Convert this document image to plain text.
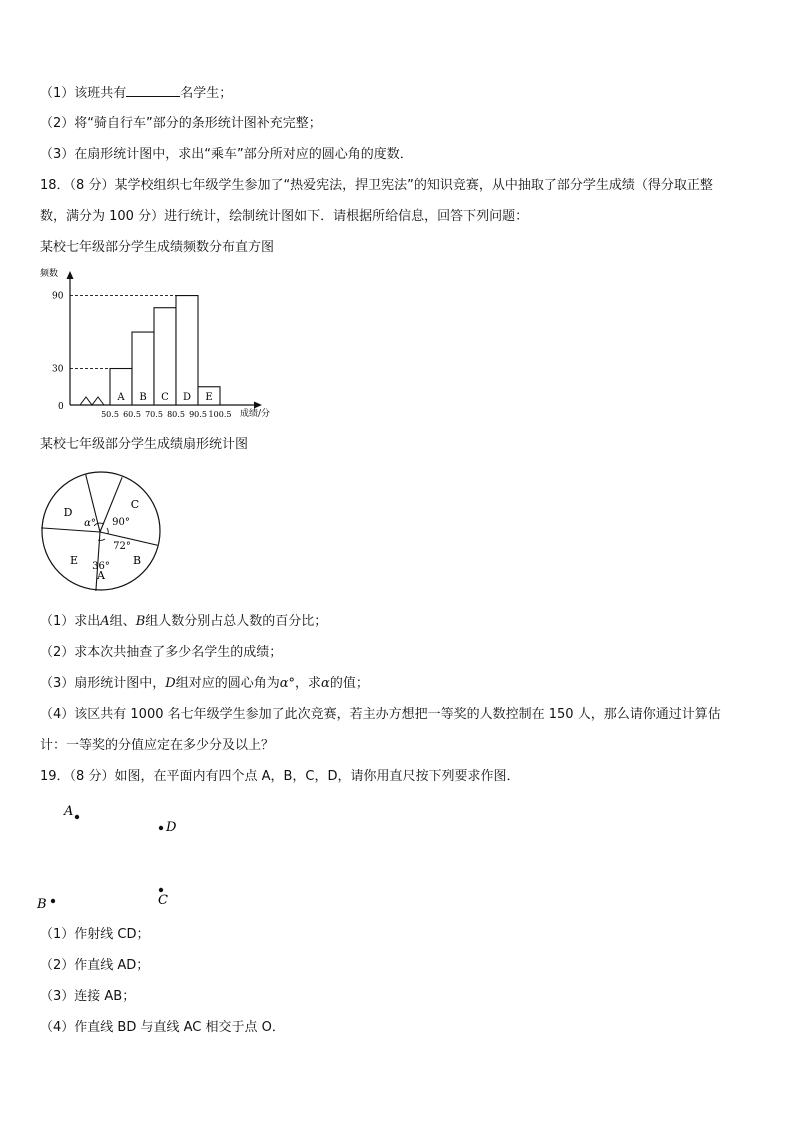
（1）该班共有	名学生；
（2）将“骑自行车”部分的条形统计图补充完整；
（3）在扇形统计图中，求出“乘车”部分所对应的圆心角的度数．
18．（8 分）某学校组织七年级学生参加了“热爱宪法，捍卫宪法”的知识竞赛，从中抽取了部分学生成绩（得分取正整
数，满分为 100 分）进行统计，绘制统计图如下．请根据所给信息，回答下列问题：
某校七年级部分学生成绩频数分布直方图
频数
成绩/分
0
30
90
A B C D E
50.5 60.5 70.5 80.5 90.5 100.5
某校七年级部分学生成绩扇形统计图
A
B
C
D
E 36°
72°
90°
α°
（1）求出A组、B组人数分别占总人数的百分比；
（2）求本次共抽查了多少名学生的成绩；
（3）扇形统计图中，D组对应的圆心角为α°，求α的值；
（4）该区共有 1000 名七年级学生参加了此次竞赛，若主办方想把一等奖的人数控制在 150 人，那么请你通过计算估
计：一等奖的分值应定在多少分及以上？
19．（8 分）如图，在平面内有四个点 A，B，C，D，请你用直尺按下列要求作图．
A
D
B	C
（1）作射线 CD；
（2）作直线 AD；
（3）连接 AB；
（4）作直线 BD 与直线 AC 相交于点 O．
